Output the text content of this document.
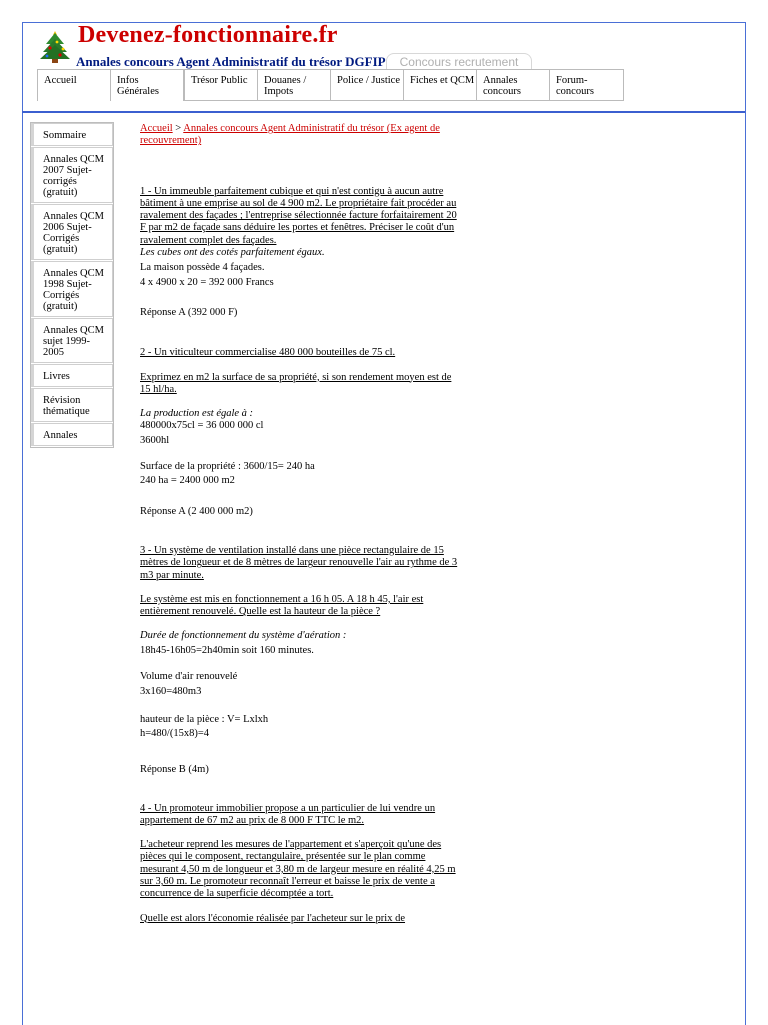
Devenez-fonctionnaire.fr
Annales concours Agent Administratif du trésor DGFIP	Concours recrutement
Accueil	Infos Générales
Trésor Public	Douanes / Impots
Police / Justice Fiches et QCM Annales concours
Forum- concours
Sommaire
Annales QCM 2007 Sujet-corrigés (gratuit)
Annales QCM 2006 Sujet-Corrigés (gratuit)
Annales QCM 1998 Sujet-Corrigés (gratuit)
Annales QCM sujet 1999-2005
Livres
Révision thématique
Annales

Accueil > Annales concours Agent Administratif du trésor (Ex agent de recouvrement)

1 - Un immeuble parfaitement cubique et qui n'est contigu à aucun autre bâtiment à une emprise au sol de 4 900 m2. Le propriétaire fait procéder au ravalement des façades ; l'entreprise sélectionnée facture forfaitairement 20 F par m2 de façade sans déduire les portes et fenêtres. Préciser le coût d'un ravalement complet des façades.

Les cubes ont des cotés parfaitement égaux.

La maison possède 4 façades.

4 x 4900 x 20 = 392 000 Francs

Réponse A (392 000 F)

2 - Un viticulteur commercialise 480 000 bouteilles de 75 cl.

Exprimez en m2 la surface de sa propriété, si son rendement moyen est de 15 hl/ha.

La production est égale à :

480000x75cl = 36 000 000 cl

3600hl

Surface de la propriété : 3600/15= 240 ha

240 ha = 2400 000 m2

Réponse A (2 400 000 m2)

3 - Un système de ventilation installé dans une pièce rectangulaire de 15 mètres de longueur et de 8 mètres de largeur renouvelle l'air au rythme de 3 m3 par minute.

Le système est mis en fonctionnement a 16 h 05. A 18 h 45, l'air est entièrement renouvelé. Quelle est la hauteur de la pièce ?

Durée de fonctionnement du système d'aération :

18h45-16h05=2h40min soit 160 minutes.

Volume d'air renouvelé

3x160=480m3

hauteur de la pièce : V= Lxlxh

h=480/(15x8)=4

Réponse B (4m)

4 - Un promoteur immobilier propose a un particulier de lui vendre un appartement de 67 m2 au prix de 8 000 F TTC le m2.

L'acheteur reprend les mesures de l'appartement et s'aperçoit qu'une des pièces qui le composent, rectangulaire, présentée sur le plan comme mesurant 4,50 m de longueur et 3,80 m de largeur mesure en réalité 4,25 m sur 3,60 m. Le promoteur reconnaît l'erreur et baisse le prix de vente a concurrence de la superficie décomptée a tort.

Quelle est alors l'économie réalisée par l'acheteur sur le prix de
